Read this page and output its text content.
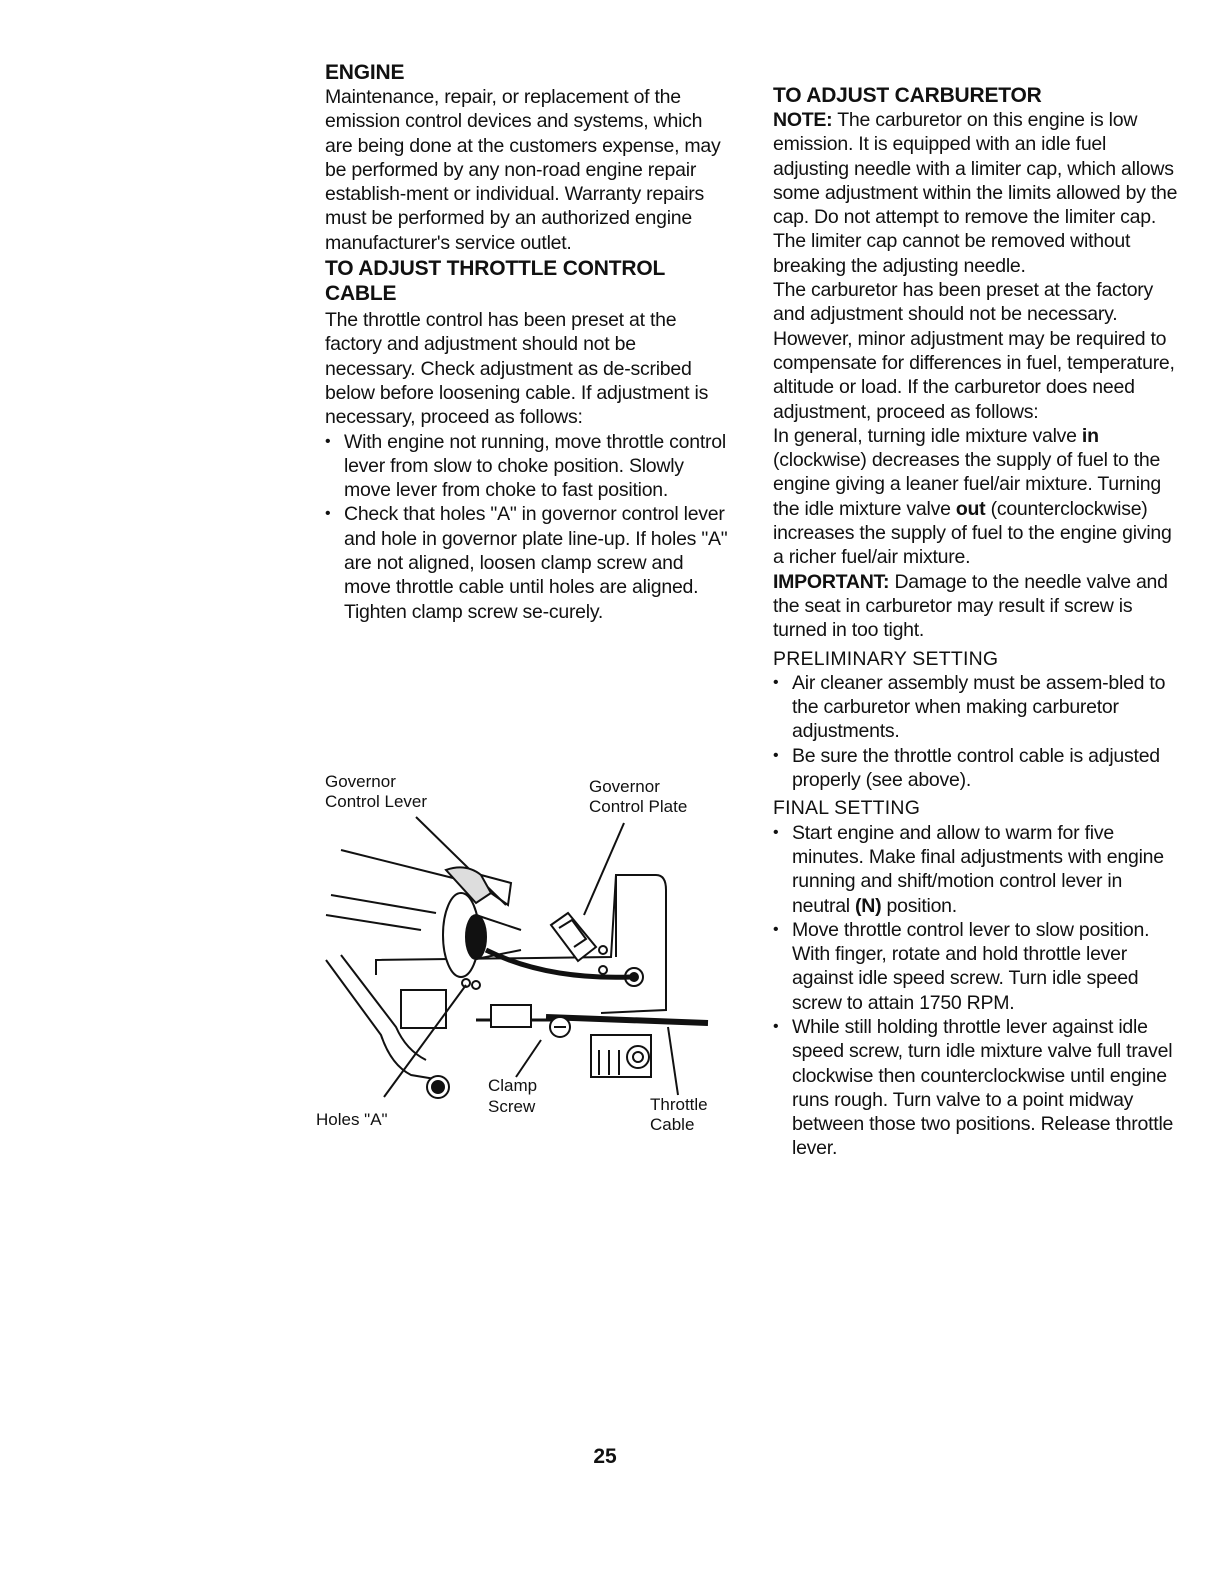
ENGINE

Maintenance, repair, or replacement of the emission control devices and systems, which are being done at the customers expense, may be performed by any non-road engine repair establish-ment or individual. Warranty repairs must be performed by an authorized engine manufacturer's service outlet.

TO ADJUST THROTTLE CONTROL CABLE

The throttle control has been preset at the factory and adjustment should not be necessary. Check adjustment as de-scribed below before loosening cable. If adjustment is necessary, proceed as follows:

• With engine not running, move throttle control lever from slow to choke position. Slowly move lever from choke to fast position.
• Check that holes "A" in governor control lever and hole in governor plate line-up. If holes "A" are not aligned, loosen clamp screw and move throttle cable until holes are aligned. Tighten clamp screw se-curely.
Governor
Control Lever
Governor
Control Plate
Clamp
Screw	Throttle
Cable
Holes "A"
TO ADJUST CARBURETOR

NOTE: The carburetor on this engine is low emission. It is equipped with an idle fuel adjusting needle with a limiter cap, which allows some adjustment within the limits allowed by the cap. Do not attempt to remove the limiter cap. The limiter cap cannot be removed without breaking the adjusting needle.

The carburetor has been preset at the factory and adjustment should not be necessary. However, minor adjustment may be required to compensate for differences in fuel, temperature, altitude or load. If the carburetor does need adjustment, proceed as follows:

In general, turning idle mixture valve in (clockwise) decreases the supply of fuel to the engine giving a leaner fuel/air mixture. Turning the idle mixture valve out (counterclockwise) increases the supply of fuel to the engine giving a richer fuel/air mixture.

IMPORTANT: Damage to the needle valve and the seat in carburetor may result if screw is turned in too tight.

PRELIMINARY SETTING
• Air cleaner assembly must be assem-bled to the carburetor when making carburetor adjustments.
• Be sure the throttle control cable is adjusted properly (see above).
FINAL SETTING
• Start engine and allow to warm for five minutes. Make final adjustments with engine running and shift/motion control lever in neutral (N) position.
• Move throttle control lever to slow position. With finger, rotate and hold throttle lever against idle speed screw. Turn idle speed screw to attain 1750 RPM.
• While still holding throttle lever against idle speed screw, turn idle mixture valve full travel clockwise then counterclockwise until engine runs rough. Turn valve to a point midway between those two positions. Release throttle lever.
25
